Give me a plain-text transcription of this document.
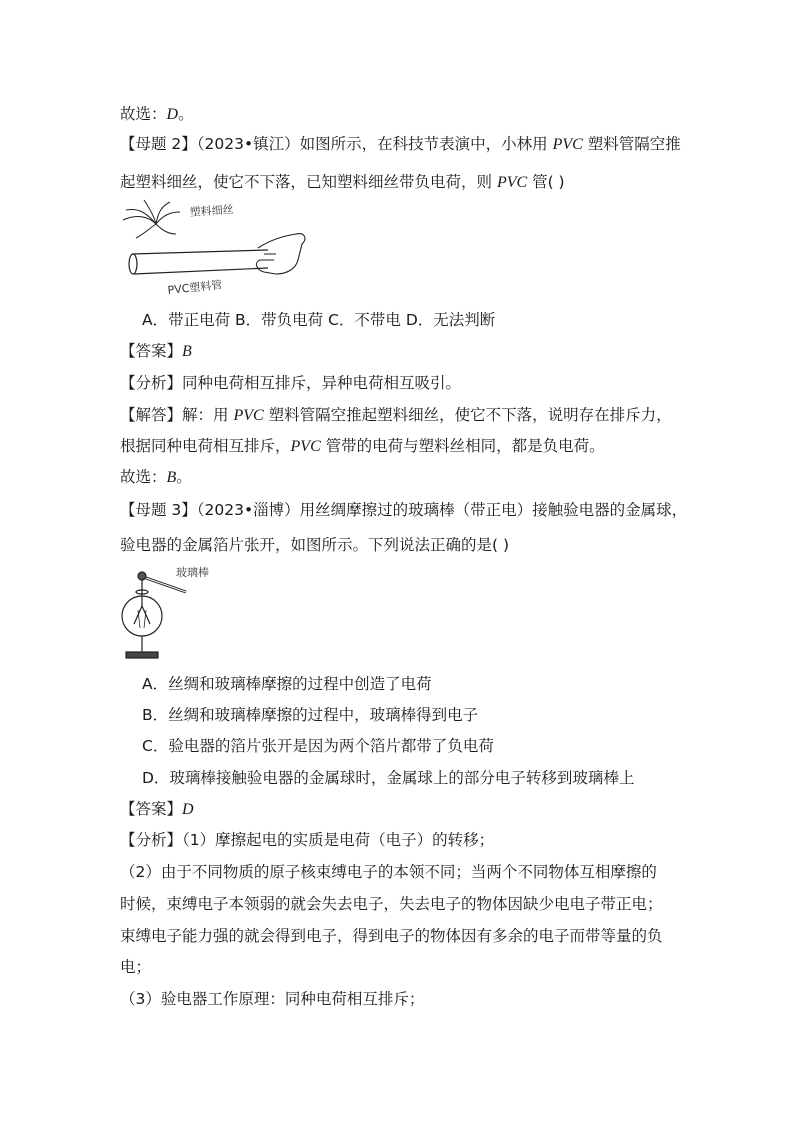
故选：D。
【母题 2】（2023•镇江）如图所示，在科技节表演中，小林用 PVC 塑料管隔空推
起塑料细丝，使它不下落，已知塑料细丝带负电荷，则 PVC 管( )
塑料细丝
PVC塑料管
A．带正电荷 B．带负电荷 C．不带电 D．无法判断
【答案】B
【分析】同种电荷相互排斥，异种电荷相互吸引。
【解答】解：用 PVC 塑料管隔空推起塑料细丝，使它不下落，说明存在排斥力，
根据同种电荷相互排斥，PVC 管带的电荷与塑料丝相同，都是负电荷。
故选：B。
【母题 3】（2023•淄博）用丝绸摩擦过的玻璃棒（带正电）接触验电器的金属球，
验电器的金属箔片张开，如图所示。下列说法正确的是( )
玻璃棒
A．丝绸和玻璃棒摩擦的过程中创造了电荷
B．丝绸和玻璃棒摩擦的过程中，玻璃棒得到电子
C．验电器的箔片张开是因为两个箔片都带了负电荷
D．玻璃棒接触验电器的金属球时，金属球上的部分电子转移到玻璃棒上
【答案】D
【分析】（1）摩擦起电的实质是电荷（电子）的转移；
（2）由于不同物质的原子核束缚电子的本领不同；当两个不同物体互相摩擦的
时候，束缚电子本领弱的就会失去电子，失去电子的物体因缺少电电子带正电；
束缚电子能力强的就会得到电子，得到电子的物体因有多余的电子而带等量的负
电；
（3）验电器工作原理：同种电荷相互排斥；
